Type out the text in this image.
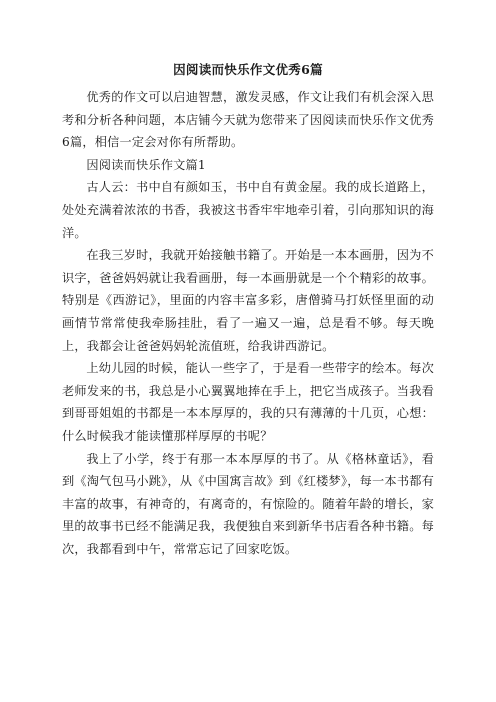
因阅读而快乐作文优秀6篇

优秀的作文可以启迪智慧，激发灵感，作文让我们有机会深入思考和分析各种问题，本店铺今天就为您带来了因阅读而快乐作文优秀6篇，相信一定会对你有所帮助。

因阅读而快乐作文篇1

古人云：书中自有颜如玉，书中自有黄金屋。我的成长道路上，处处充满着浓浓的书香，我被这书香牢牢地牵引着，引向那知识的海洋。

在我三岁时，我就开始接触书籍了。开始是一本本画册，因为不识字，爸爸妈妈就让我看画册，每一本画册就是一个个精彩的故事。特别是《西游记》，里面的内容丰富多彩，唐僧骑马打妖怪里面的动画情节常常使我牵肠挂肚，看了一遍又一遍，总是看不够。每天晚上，我都会让爸爸妈妈轮流值班，给我讲西游记。

上幼儿园的时候，能认一些字了，于是看一些带字的绘本。每次老师发来的书，我总是小心翼翼地捧在手上，把它当成孩子。当我看到哥哥姐姐的书都是一本本厚厚的，我的只有薄薄的十几页，心想：什么时候我才能读懂那样厚厚的书呢？

我上了小学，终于有那一本本厚厚的书了。从《格林童话》，看到《淘气包马小跳》，从《中国寓言故》到《红楼梦》，每一本书都有丰富的故事，有神奇的，有离奇的，有惊险的。随着年龄的增长，家里的故事书已经不能满足我，我便独自来到新华书店看各种书籍。每次，我都看到中午，常常忘记了回家吃饭。
